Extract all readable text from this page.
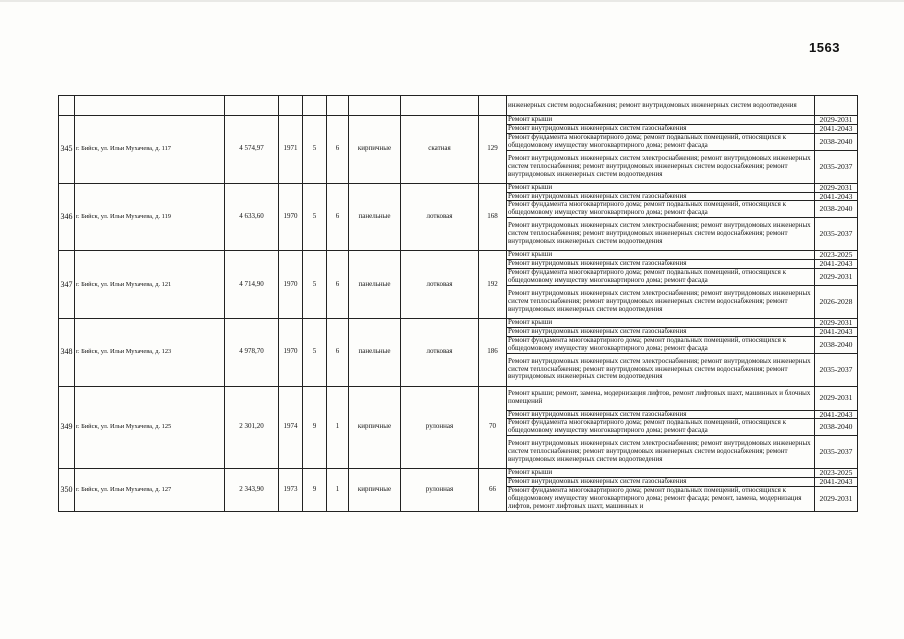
1563
									инженерных систем водоснабжения; ремонт внутридомовых инженерных систем водоотведения	
345	г. Бийск, ул. Ильи Мухачева, д. 117	4 574,97	1971	5	6	кирпичные	скатная	129	Ремонт крыши	2029-2031
									Ремонт внутридомовых инженерных систем газоснабжения	2041-2043
									Ремонт фундамента многоквартирного дома; ремонт подвальных помещений, относящихся к общедомовому имуществу многоквартирного дома; ремонт фасада	2038-2040
									Ремонт внутридомовых инженерных систем электроснабжения; ремонт внутридомовых инженерных систем теплоснабжения; ремонт внутридомовых инженерных систем водоснабжения; ремонт внутридомовых инженерных систем водоотведения	2035-2037
346	г. Бийск, ул. Ильи Мухачева, д. 119	4 633,60	1970	5	6	панельные	лотковая	168	Ремонт крыши	2029-2031
									Ремонт внутридомовых инженерных систем газоснабжения	2041-2043
									Ремонт фундамента многоквартирного дома; ремонт подвальных помещений, относящихся к общедомовому имуществу многоквартирного дома; ремонт фасада	2038-2040
									Ремонт внутридомовых инженерных систем электроснабжения; ремонт внутридомовых инженерных систем теплоснабжения; ремонт внутридомовых инженерных систем водоснабжения; ремонт внутридомовых инженерных систем водоотведения	2035-2037
347	г. Бийск, ул. Ильи Мухачева, д. 121	4 714,90	1970	5	6	панельные	лотковая	192	Ремонт крыши	2023-2025
									Ремонт внутридомовых инженерных систем газоснабжения	2041-2043
									Ремонт фундамента многоквартирного дома; ремонт подвальных помещений, относящихся к общедомовому имуществу многоквартирного дома; ремонт фасада	2029-2031
									Ремонт внутридомовых инженерных систем электроснабжения; ремонт внутридомовых инженерных систем теплоснабжения; ремонт внутридомовых инженерных систем водоснабжения; ремонт внутридомовых инженерных систем водоотведения	2026-2028
348	г. Бийск, ул. Ильи Мухачева, д. 123	4 978,70	1970	5	6	панельные	лотковая	186	Ремонт крыши	2029-2031
									Ремонт внутридомовых инженерных систем газоснабжения	2041-2043
									Ремонт фундамента многоквартирного дома; ремонт подвальных помещений, относящихся к общедомовому имуществу многоквартирного дома; ремонт фасада	2038-2040
									Ремонт внутридомовых инженерных систем электроснабжения; ремонт внутридомовых инженерных систем теплоснабжения; ремонт внутридомовых инженерных систем водоснабжения; ремонт внутридомовых инженерных систем водоотведения	2035-2037
349	г. Бийск, ул. Ильи Мухачева, д. 125	2 301,20	1974	9	1	кирпичные	рулонная	70	Ремонт крыши; ремонт, замена, модернизация лифтов, ремонт лифтовых шахт, машинных и блочных помещений	2029-2031
									Ремонт внутридомовых инженерных систем газоснабжения	2041-2043
									Ремонт фундамента многоквартирного дома; ремонт подвальных помещений, относящихся к общедомовому имуществу многоквартирного дома; ремонт фасада	2038-2040
									Ремонт внутридомовых инженерных систем электроснабжения; ремонт внутридомовых инженерных систем теплоснабжения; ремонт внутридомовых инженерных систем водоснабжения; ремонт внутридомовых инженерных систем водоотведения	2035-2037
350	г. Бийск, ул. Ильи Мухачева, д. 127	2 343,90	1973	9	1	кирпичные	рулонная	66	Ремонт крыши	2023-2025
									Ремонт внутридомовых инженерных систем газоснабжения	2041-2043
									Ремонт фундамента многоквартирного дома; ремонт подвальных помещений, относящихся к общедомовому имуществу многоквартирного дома; ремонт фасада; ремонт, замена, модернизация лифтов, ремонт лифтовых шахт, машинных и	2029-2031
